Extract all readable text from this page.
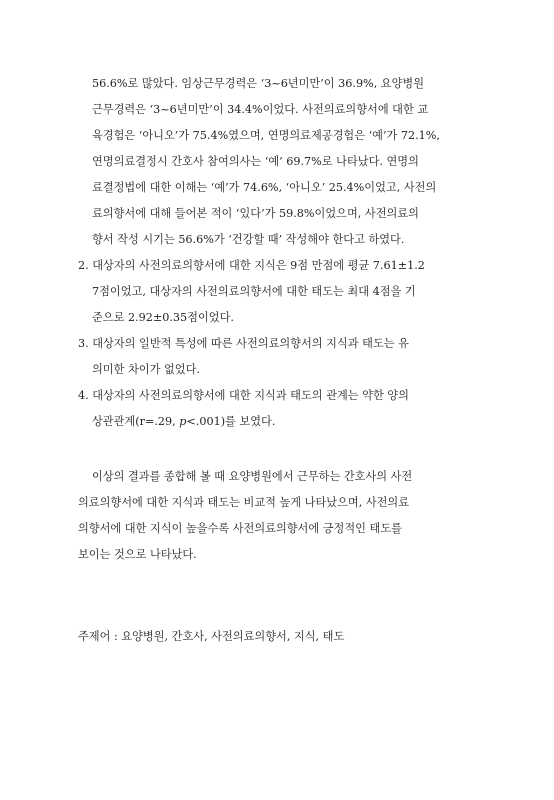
56.6%로 많았다. 임상근무경력은 ‘3~6년미만’이 36.9%, 요양병원
근무경력은 ‘3~6년미만’이 34.4%이었다. 사전의료의향서에 대한 교
육경험은 ‘아니오’가 75.4%였으며, 연명의료제공경험은 ‘예’가 72.1%,
연명의료결정시 간호사 참여의사는 ‘예’ 69.7%로 나타났다. 연명의
료결정법에 대한 이해는 ‘예’가 74.6%, ‘아니오’ 25.4%이었고, 사전의
료의향서에 대해 들어본 적이 ‘있다’가 59.8%이었으며, 사전의료의
향서 작성 시기는 56.6%가 ‘건강할 때’ 작성해야 한다고 하였다.
2. 대상자의 사전의료의향서에 대한 지식은 9점 만점에 평균 7.61±1.2
7점이었고, 대상자의 사전의료의향서에 대한 태도는 최대 4점을 기
준으로 2.92±0.35점이었다.
3. 대상자의 일반적 특성에 따른 사전의료의향서의 지식과 태도는 유
의미한 차이가 없었다.
4. 대상자의 사전의료의향서에 대한 지식과 태도의 관계는 약한 양의
상관관계(r=.29, p<.001)를 보였다.
이상의 결과를 종합해 볼 때 요양병원에서 근무하는 간호사의 사전
의료의향서에 대한 지식과 태도는 비교적 높게 나타났으며, 사전의료
의향서에 대한 지식이 높을수록 사전의료의향서에 긍정적인 태도를
보이는 것으로 나타났다.
주제어 : 요양병원, 간호사, 사전의료의향서, 지식, 태도
